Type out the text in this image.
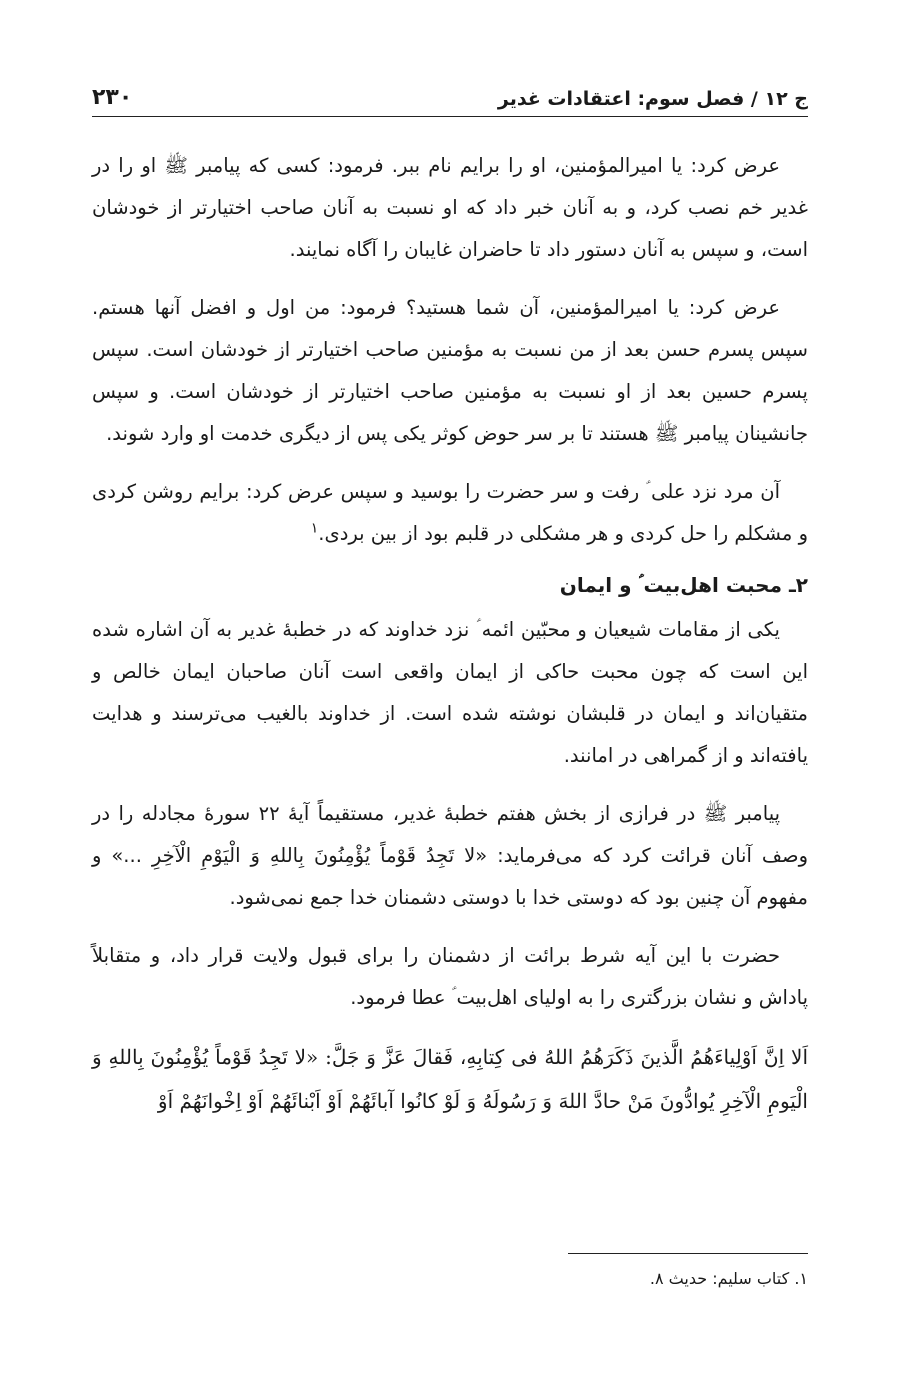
ج ۱۲ / فصل سوم: اعتقادات غدیر
۲۳۰

عرض کرد: یا امیرالمؤمنین، او را برایم نام ببر. فرمود: کسی که پیامبر ﷺ او را در غدیر خم نصب کرد، و به آنان خبر داد که او نسبت به آنان صاحب اختیارتر از خودشان است، و سپس به آنان دستور داد تا حاضران غایبان را آگاه نمایند.

عرض کرد: یا امیرالمؤمنین، آن شما هستید؟ فرمود: من اول و افضل آنها هستم. سپس پسرم حسن بعد از من نسبت به مؤمنین صاحب اختیارتر از خودشان است. سپس پسرم حسین بعد از او نسبت به مؤمنین صاحب اختیارتر از خودشان است. و سپس جانشینان پیامبر ﷺ هستند تا بر سر حوض کوثر یکی پس از دیگری خدمت او وارد شوند.

آن مرد نزد علی ؑ رفت و سر حضرت را بوسید و سپس عرض کرد: برایم روشن کردی و مشکلم را حل کردی و هر مشکلی در قلبم بود از بین بردی.$^۱$

۲ـ محبت اهل‌بیت ؑ و ایمان

یکی از مقامات شیعیان و محبّین ائمه ؑ نزد خداوند که در خطبهٔ غدیر به آن اشاره شده این است که چون محبت حاکی از ایمان واقعی است آنان صاحبان ایمان خالص و متقیان‌اند و ایمان در قلبشان نوشته شده است. از خداوند بالغیب می‌ترسند و هدایت یافته‌اند و از گمراهی در امانند.

پیامبر ﷺ در فرازی از بخش هفتم خطبهٔ غدیر، مستقیماً آیهٔ ۲۲ سورهٔ مجادله را در وصف آنان قرائت کرد که می‌فرماید: «لا تَجِدُ قَوْماً یُؤْمِنُونَ بِاللهِ وَ الْیَوْمِ الْآخِرِ ...» و مفهوم آن چنین بود که دوستی خدا با دوستی دشمنان خدا جمع نمی‌شود.

حضرت با این آیه شرط برائت از دشمنان را برای قبول ولایت قرار داد، و متقابلاً پاداش و نشان بزرگتری را به اولیای اهل‌بیت ؑ عطا فرمود.

اَلا اِنَّ اَوْلِیاءَهُمُ الَّذینَ ذَکَرَهُمُ اللهُ فی کِتابِهِ، فَقالَ عَزَّ وَ جَلَّ: «لا تَجِدُ قَوْماً یُؤْمِنُونَ بِاللهِ وَ الْیَومِ الْآخِرِ یُوادُّونَ مَنْ حادَّ اللهَ وَ رَسُولَهُ وَ لَوْ کانُوا آبائَهُمْ اَوْ اَبْنائَهُمْ اَوْ اِخْوانَهُمْ اَوْ

۱. کتاب سلیم: حدیث ۸.
